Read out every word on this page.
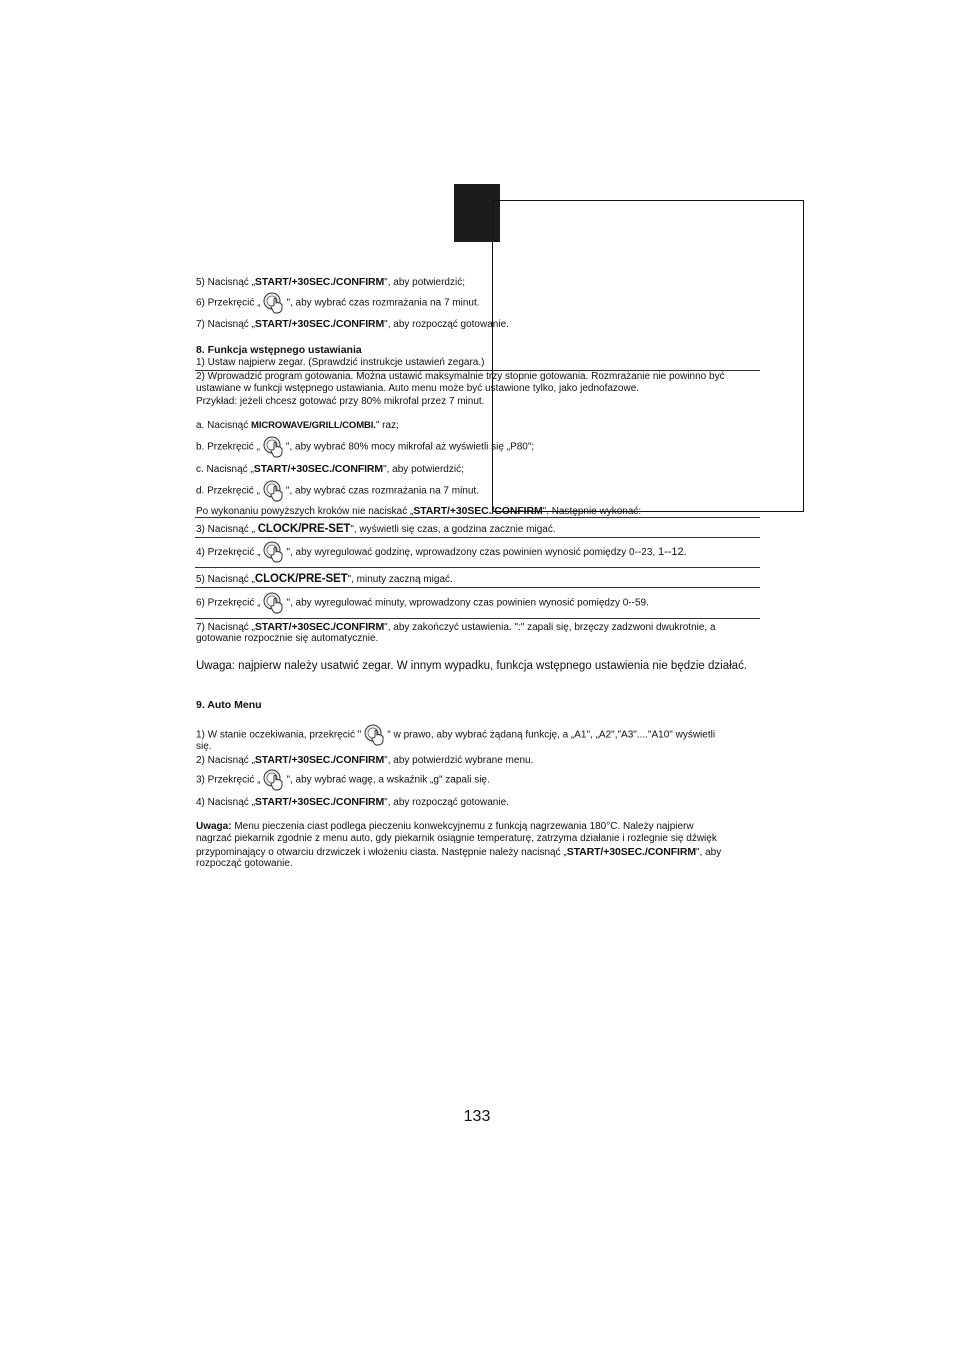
5) Nacisnąć „START/+30SEC./CONFIRM", aby potwierdzić;
6) Przekręcić „	", aby wybrać czas rozmrażania na 7 minut.
7) Nacisnąć „START/+30SEC./CONFIRM", aby rozpocząć gotowanie.
8. Funkcja wstępnego ustawiania
1) Ustaw najpierw zegar. (Sprawdzić instrukcje ustawień zegara.)
2) Wprowadzić program gotowania. Można ustawić maksymalnie trzy stopnie gotowania. Rozmrażanie nie powinno być
ustawiane w funkcji wstępnego ustawiania. Auto menu może być ustawione tylko, jako jednofazowe.
Przykład: jeżeli chcesz gotować przy 80% mikrofal przez 7 minut.
a. Nacisnąć MICROWAVE/GRILL/COMBI." raz;
b. Przekręcić „	", aby wybrać 80% mocy mikrofal aż wyświetli się „P80";
c. Nacisnąć „START/+30SEC./CONFIRM", aby potwierdzić;
d. Przekręcić „	", aby wybrać czas rozmrażania na 7 minut.
Po wykonaniu powyższych kroków nie naciskać „START/+30SEC./CONFIRM". Następnie wykonać:
3) Nacisnąć „ CLOCK/PRE-SET", wyświetli się czas, a godzina zacznie migać.
4) Przekręcić „	", aby wyregulować godzinę, wprowadzony czas powinien wynosić pomiędzy 0--23, 1--12.
5) Nacisnąć „CLOCK/PRE-SET", minuty zaczną migać.
6) Przekręcić „	", aby wyregulować minuty, wprowadzony czas powinien wynosić pomiędzy 0--59.
7) Nacisnąć „START/+30SEC./CONFIRM", aby zakończyć ustawienia. ":" zapali się, brzęczy zadzwoni dwukrotnie, a
gotowanie rozpocznie się automatycznie.
Uwaga: najpierw należy usatwić zegar. W innym wypadku, funkcja wstępnego ustawienia nie będzie działać.
9. Auto Menu
1) W stanie oczekiwania, przekręcić "	" w prawo, aby wybrać żądaną funkcję, a „A1", „A2","A3"...."A10" wyświetli
się.
2) Nacisnąć „START/+30SEC./CONFIRM", aby potwierdzić wybrane menu.
3) Przekręcić „	", aby wybrać wagę, a wskaźnik „g" zapali się.
4) Nacisnąć „START/+30SEC./CONFIRM", aby rozpocząć gotowanie.
Uwaga: Menu pieczenia ciast podlega pieczeniu konwekcyjnemu z funkcją nagrzewania 180°C. Należy najpierw
nagrzać piekarnik zgodnie z menu auto, gdy piekarnik osiągnie temperaturę, zatrzyma działanie i rozlegnie się dźwięk
przypominający o otwarciu drzwiczek i włożeniu ciasta. Następnie należy nacisnąć „START/+30SEC./CONFIRM", aby
rozpocząć gotowanie.
133
